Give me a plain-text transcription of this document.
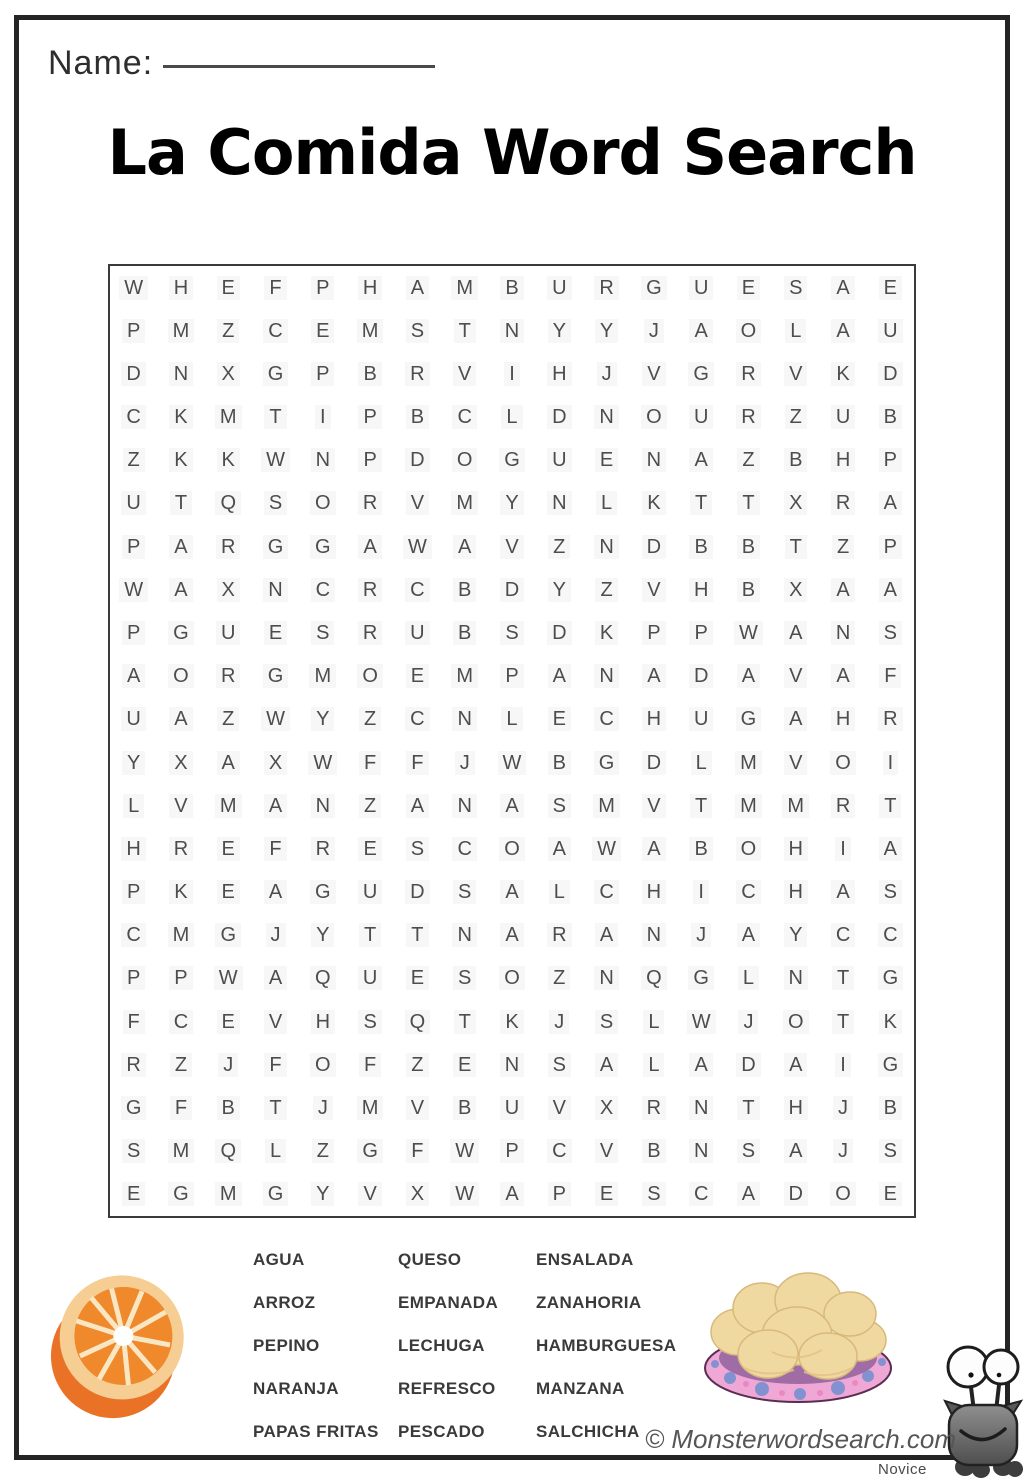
Name:
La Comida Word Search
W H E F P H A M B U R G U E S A E
P M Z C E M S T N Y Y J A O L A U
D N X G P B R V I H J V G R V K D
C K M T I P B C L D N O U R Z U B
Z K K W N P D O G U E N A Z B H P
U T Q S O R V M Y N L K T T X R A
P A R G G A W A V Z N D B B T Z P
W A X N C R C B D Y Z V H B X A A
P G U E S R U B S D K P P W A N S
A O R G M O E M P A N A D A V A F
U A Z W Y Z C N L E C H U G A H R
Y X A X W F F J W B G D L M V O I
L V M A N Z A N A S M V T M M R T
H R E F R E S C O A W A B O H I A
P K E A G U D S A L C H I C H A S
C M G J Y T T N A R A N J A Y C C
P P W A Q U E S O Z N Q G L N T G
F C E V H S Q T K J S L W J O T K
R Z J F O F Z E N S A L A D A I G
G F B T J M V B U V X R N T H J B
S M Q L Z G F W P C V B N S A J S
E G M G Y V X W A P E S C A D O E
AGUA
ARROZ
PEPINO
NARANJA
PAPAS FRITAS
QUESO
EMPANADA
LECHUGA
REFRESCO
PESCADO
ENSALADA
ZANAHORIA
HAMBURGUESA
MANZANA
SALCHICHA © Monsterwordsearch.com
Novice
